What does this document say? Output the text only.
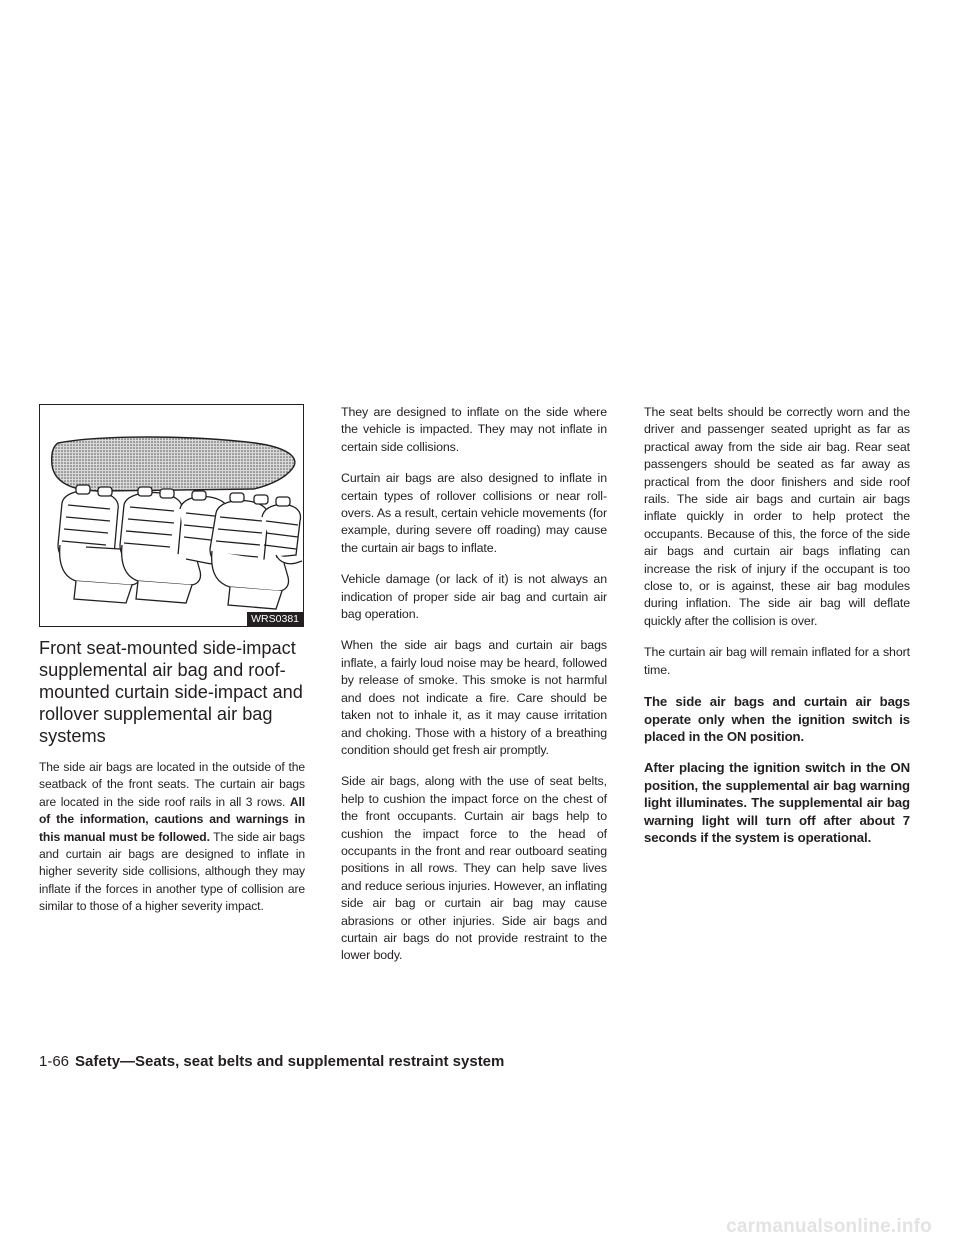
WRS0381
Front seat-mounted side-impact supplemental air bag and roof-mounted curtain side-impact and rollover supplemental air bag systems

The side air bags are located in the outside of the seatback of the front seats. The curtain air bags are located in the side roof rails in all 3 rows. All of the information, cautions and warnings in this manual must be followed. The side air bags and curtain air bags are designed to inflate in higher severity side collisions, although they may inflate if the forces in another type of collision are similar to those of a higher severity impact.

They are designed to inflate on the side where the vehicle is impacted. They may not inflate in certain side collisions.

Curtain air bags are also designed to inflate in certain types of rollover collisions or near roll-overs. As a result, certain vehicle movements (for example, during severe off roading) may cause the curtain air bags to inflate.

Vehicle damage (or lack of it) is not always an indication of proper side air bag and curtain air bag operation.

When the side air bags and curtain air bags inflate, a fairly loud noise may be heard, followed by release of smoke. This smoke is not harmful and does not indicate a fire. Care should be taken not to inhale it, as it may cause irritation and choking. Those with a history of a breathing condition should get fresh air promptly.

Side air bags, along with the use of seat belts, help to cushion the impact force on the chest of the front occupants. Curtain air bags help to cushion the impact force to the head of occupants in the front and rear outboard seating positions in all rows. They can help save lives and reduce serious injuries. However, an inflating side air bag or curtain air bag may cause abrasions or other injuries. Side air bags and curtain air bags do not provide restraint to the lower body.

The seat belts should be correctly worn and the driver and passenger seated upright as far as practical away from the side air bag. Rear seat passengers should be seated as far away as practical from the door finishers and side roof rails. The side air bags and curtain air bags inflate quickly in order to help protect the occupants. Because of this, the force of the side air bags and curtain air bags inflating can increase the risk of injury if the occupant is too close to, or is against, these air bag modules during inflation. The side air bag will deflate quickly after the collision is over.

The curtain air bag will remain inflated for a short time.

The side air bags and curtain air bags operate only when the ignition switch is placed in the ON position.

After placing the ignition switch in the ON position, the supplemental air bag warning light illuminates. The supplemental air bag warning light will turn off after about 7 seconds if the system is operational.

1-66 Safety—Seats, seat belts and supplemental restraint system
carmanualsonline.info
